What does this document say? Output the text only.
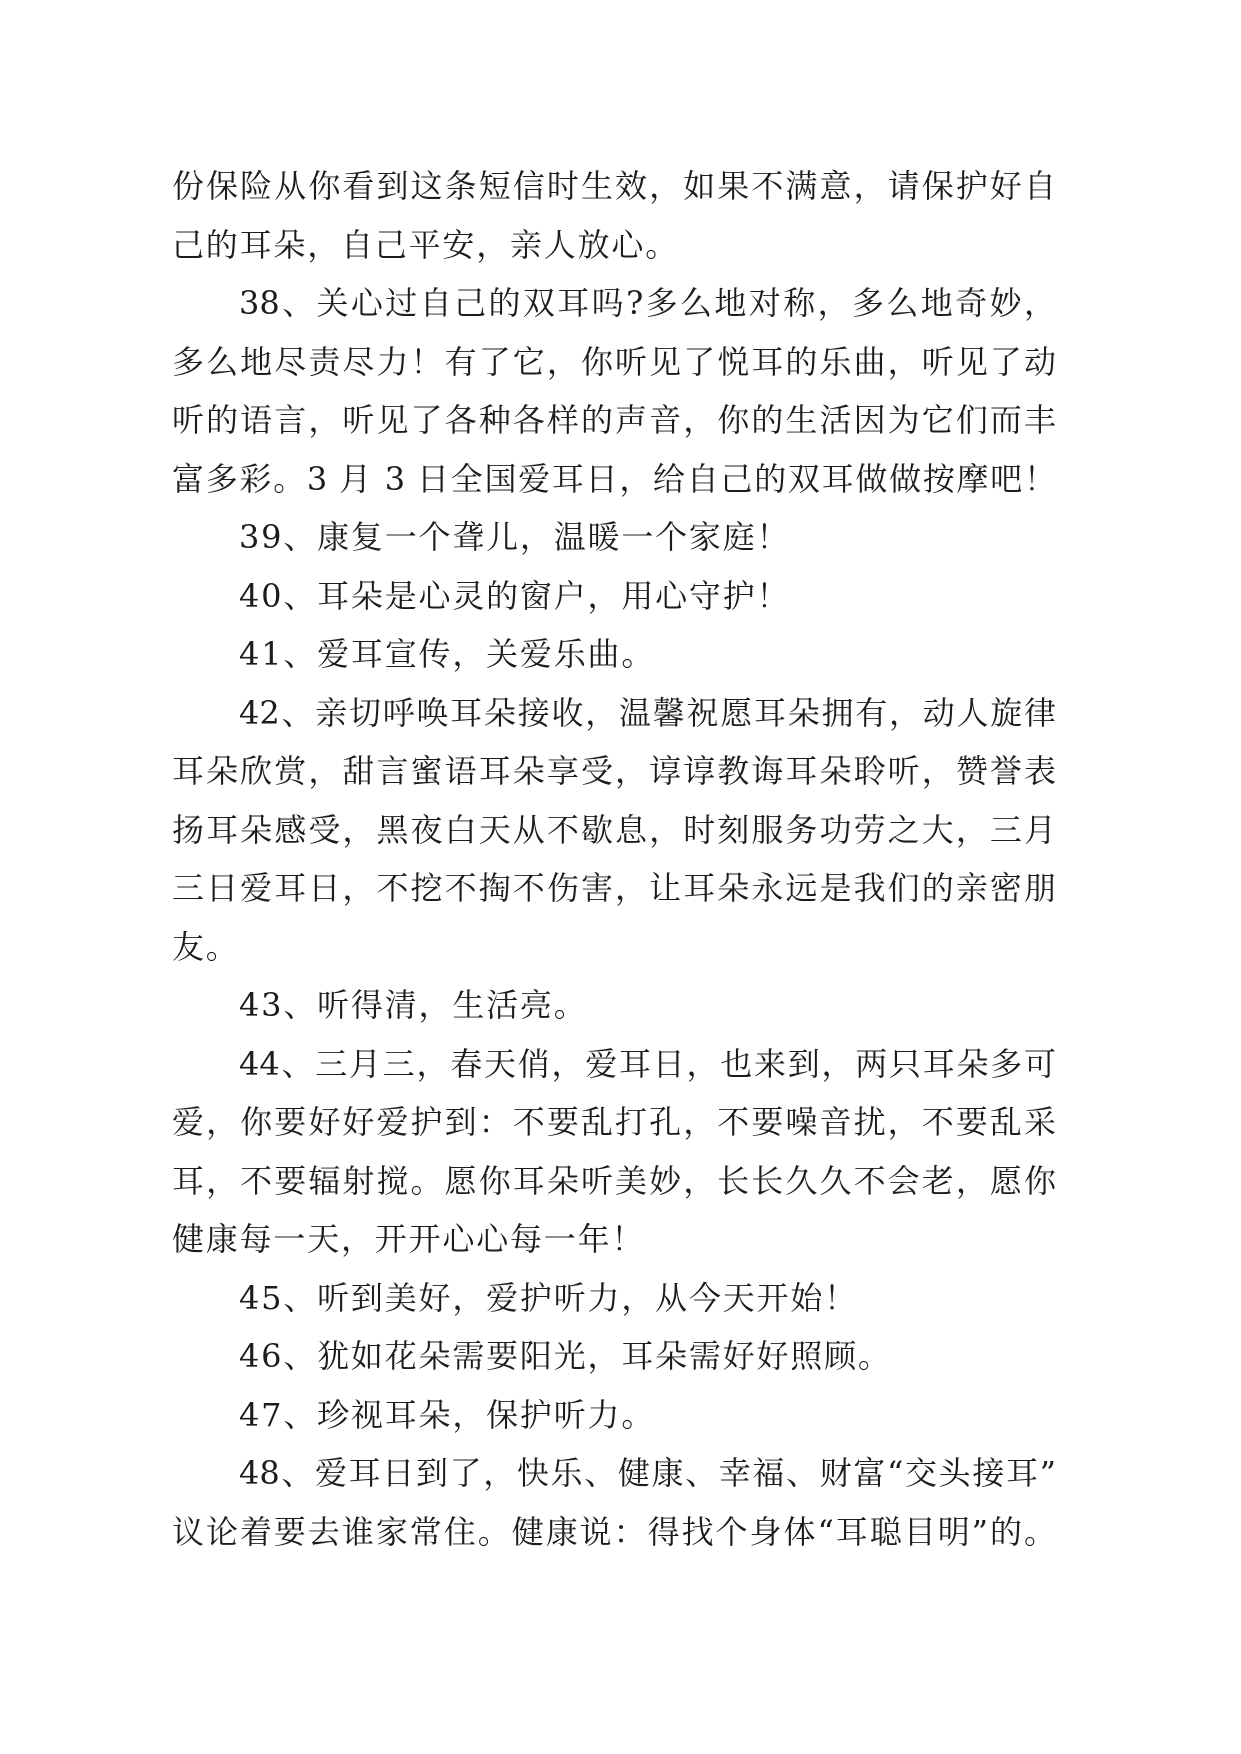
份保险从你看到这条短信时生效，如果不满意，请保护好自
己的耳朵，自己平安，亲人放心。
38、关心过自己的双耳吗?多么地对称，多么地奇妙，
多么地尽责尽力！有了它，你听见了悦耳的乐曲，听见了动
听的语言，听见了各种各样的声音，你的生活因为它们而丰
富多彩。3 月 3 日全国爱耳日，给自己的双耳做做按摩吧！
39、康复一个聋儿，温暖一个家庭！
40、耳朵是心灵的窗户，用心守护！
41、爱耳宣传，关爱乐曲。
42、亲切呼唤耳朵接收，温馨祝愿耳朵拥有，动人旋律
耳朵欣赏，甜言蜜语耳朵享受，谆谆教诲耳朵聆听，赞誉表
扬耳朵感受，黑夜白天从不歇息，时刻服务功劳之大，三月
三日爱耳日，不挖不掏不伤害，让耳朵永远是我们的亲密朋
友。
43、听得清，生活亮。
44、三月三，春天俏，爱耳日，也来到，两只耳朵多可
爱，你要好好爱护到：不要乱打孔，不要噪音扰，不要乱采
耳，不要辐射搅。愿你耳朵听美妙，长长久久不会老，愿你
健康每一天，开开心心每一年！
45、听到美好，爱护听力，从今天开始！
46、犹如花朵需要阳光，耳朵需好好照顾。
47、珍视耳朵，保护听力。
48、爱耳日到了，快乐、健康、幸福、财富“交头接耳”
议论着要去谁家常住。健康说：得找个身体“耳聪目明”的。
